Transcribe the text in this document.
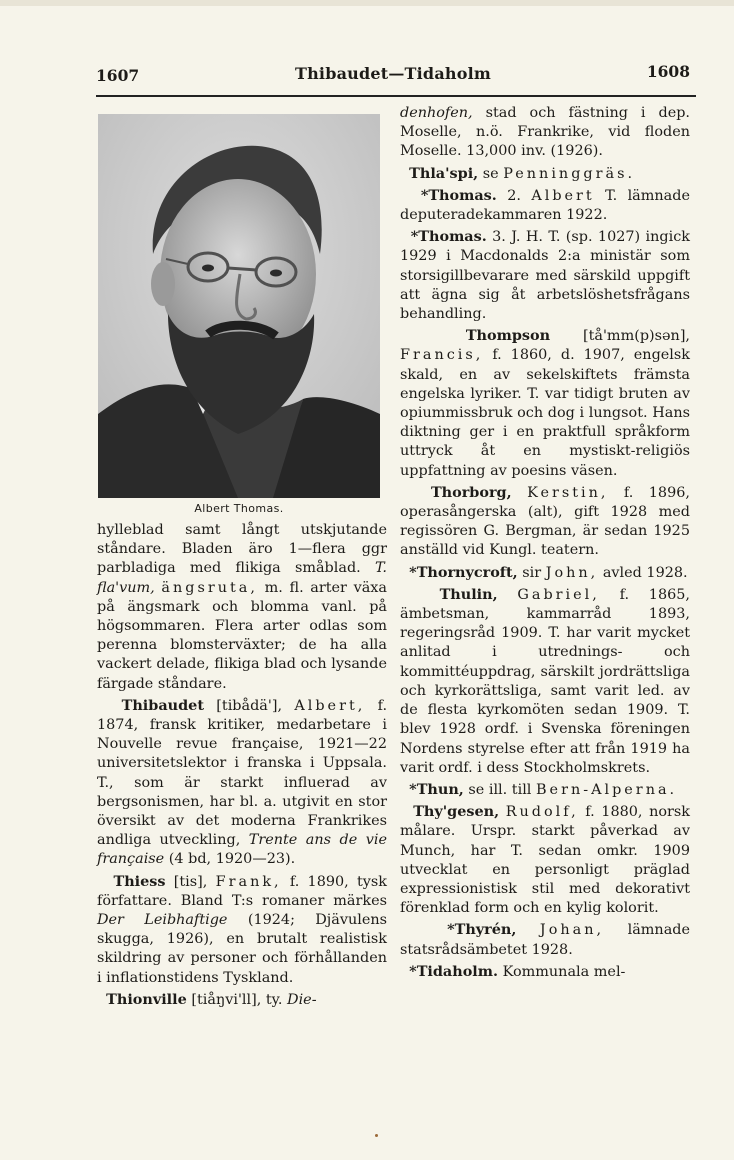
1607	Thibaudet—Tidaholm	1608
Albert Thomas.

hylleblad samt långt utskjutande ståndare. Bladen äro 1—flera ggr parbladiga med flikiga småblad. T. fla'vum, ängsruta, m. fl. arter växa på ängsmark och blomma vanl. på högsommaren. Flera arter odlas som perenna blomsterväxter; de ha alla vackert delade, flikiga blad och lysande färgade ståndare.

Thibaudet [tibådä'], Albert, f. 1874, fransk kritiker, medarbetare i Nouvelle revue française, 1921—22 universitetslektor i franska i Uppsala. T., som är starkt influerad av bergsonismen, har bl. a. utgivit en stor översikt av det moderna Frankrikes andliga utveckling, Trente ans de vie française (4 bd, 1920—23).

Thiess [tis], Frank, f. 1890, tysk författare. Bland T:s romaner märkes Der Leibhaftige (1924; Djävulens skugga, 1926), en brutalt realistisk skildring av personer och förhållanden i inflationstidens Tyskland.

Thionville [tiåŋvi'll], ty. Die-

denhofen, stad och fästning i dep. Moselle, n.ö. Frankrike, vid floden Moselle. 13,000 inv. (1926).

Thla'spi, se Penninggräs.

*Thomas. 2. Albert T. lämnade deputeradekammaren 1922.

*Thomas. 3. J. H. T. (sp. 1027) ingick 1929 i Macdonalds 2:a ministär som storsigillbevarare med särskild uppgift att ägna sig åt arbetslöshetsfrågans behandling.

Thompson [tå'mm(p)sən], Francis, f. 1860, d. 1907, engelsk skald, en av sekelskiftets främsta engelska lyriker. T. var tidigt bruten av opiummissbruk och dog i lungsot. Hans diktning ger i en praktfull språkform uttryck åt en mystiskt-religiös uppfattning av poesins väsen.

Thorborg, Kerstin, f. 1896, operasångerska (alt), gift 1928 med regissören G. Bergman, är sedan 1925 anställd vid Kungl. teatern.

*Thornycroft, sir John, avled 1928.

Thulin, Gabriel, f. 1865, ämbetsman, kammarråd 1893, regeringsråd 1909. T. har varit mycket anlitad i utrednings- och kommittéuppdrag, särskilt jordrättsliga och kyrkorättsliga, samt varit led. av de flesta kyrkomöten sedan 1909. T. blev 1928 ordf. i Svenska föreningen Nordens styrelse efter att från 1919 ha varit ordf. i dess Stockholmskrets.

*Thun, se ill. till Bern-Alperna.

Thy'gesen, Rudolf, f. 1880, norsk målare. Urspr. starkt påverkad av Munch, har T. sedan omkr. 1909 utvecklat en personligt präglad expressionistisk stil med dekorativt förenklad form och en kylig kolorit.

*Thyrén, Johan, lämnade statsrådsämbetet 1928.

*Tidaholm. Kommunala mel-
